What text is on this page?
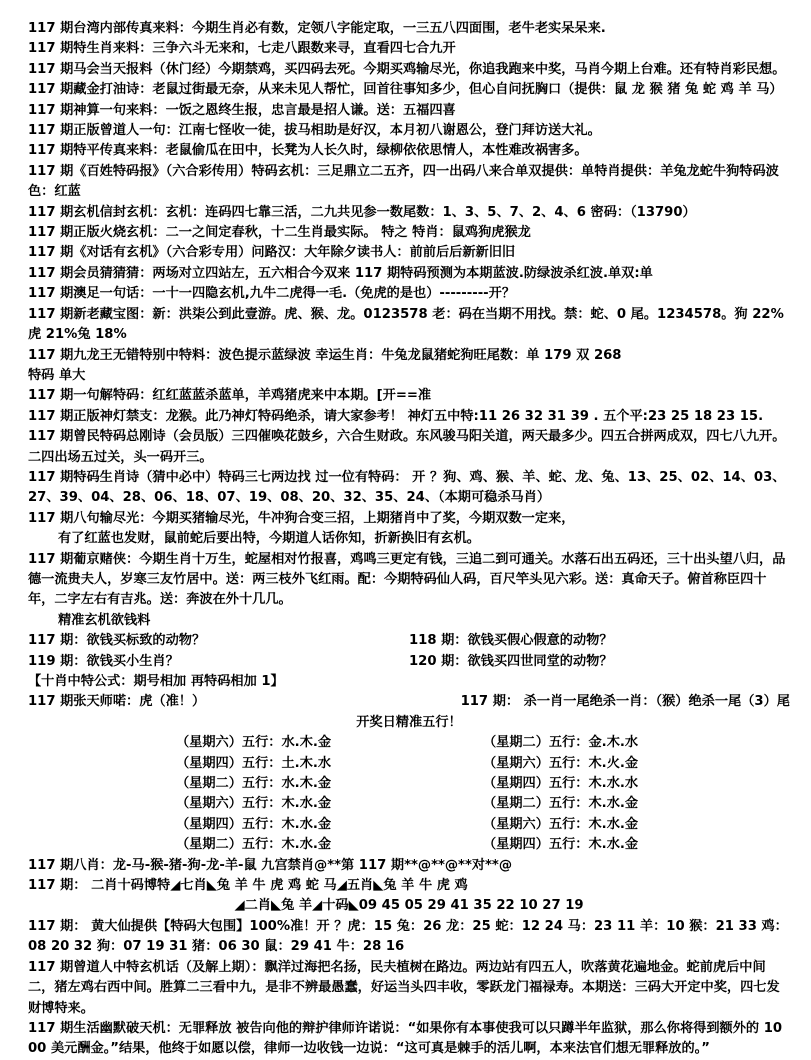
117 期台湾内部传真来料：今期生肖必有数，定领八字能定取，一三五八四面围，老牛老实呆呆来.

117 期特生肖来料：三争六斗无来和，七走八跟数来寻，直看四七合九开

117 期马会当天报料（休门经）今期禁鸡，买四码去死。今期买鸡输尽光，你追我跑来中奖，马肖今期上台难。还有特肖彩民想。

117 期藏金打油诗：老鼠过街最无奈，从来未见人帮忙，回首往事知多少，但心自问抚胸口（提供：鼠 龙 猴 猪 兔 蛇 鸡 羊 马）

117 期神算一句来料：一饭之恩终生报，忠言最是招人谦。送：五福四喜

117 期正版曾道人一句：江南七怪收一徒，拔马相助是好汉，本月初八谢恩公，登门拜访送大礼。

117 期特平传真来料：老鼠偷瓜在田中，长凳为人长久时，绿柳依依思情人，本性难改祸害多。

117 期《百姓特码报》（六合彩传用）特码玄机：三足鼎立二五齐，四一出码八来合单双提供：单特肖提供：羊兔龙蛇牛狗特码波色：红蓝

117 期玄机信封玄机：玄机：连码四七靠三活，二九共见参一数尾数：1、3、5、7、2、4、6 密码：（13790）

117 期正版火烧玄机：二一之间定春秋，十二生肖最实际。 特之 特肖：鼠鸡狗虎猴龙

117 期《对话有玄机》（六合彩专用）问路汉：大年除夕读书人：前前后后新新旧旧

117 期会员猜猜猜：两场对立四站左，五六相合今双来 117 期特码预测为本期蓝波.防绿波杀红波.单双:单

117 期澳足一句话：一十一四隐玄机,九牛二虎得一毛.（免虎的是也）---------开？

117 期新老藏宝图：新：洪柒公到此壹游。虎、猴、龙。0123578 老：码在当期不用找。禁：蛇、0 尾。1234578。狗 22%虎 21%兔 18%

117 期九龙王无错特别中特料：波色提示蓝绿波 幸运生肖：牛兔龙鼠猪蛇狗旺尾数：单 179 双 268

特码 单大

117 期一句解特码：红红蓝蓝杀蓝单，羊鸡猪虎来中本期。[开==准

117 期正版神灯禁支：龙猴。此乃神灯特码绝杀，请大家参考！ 神灯五中特:11 26 32 31 39 . 五个平:23 25 18 23 15.

117 期曾民特码总刚诗（会员版）三四催唤花鼓乡，六合生财政。东风骏马阳关道，两天最多少。四五合拼两成双，四七八九开。二四出场五过关，头一码开三。

117 期特码生肖诗（猜中必中）特码三七两边找 过一位有特码： 开 ？狗、鸡、猴、羊、蛇、龙、兔、13、25、02、14、03、27、39、04、28、06、18、07、19、08、20、32、35、24、（本期可稳杀马肖）

117 期八句输尽光：今期买猪输尽光，牛冲狗合变三招，上期猪肖中了奖，今期双数一定来，

有了红蓝也发财，鼠前蛇后要出特，今期道人话你知，折新换旧有玄机。

117 期葡京赌侠：今期生肖十万生，蛇屋相对竹报喜，鸡鸣三更定有钱，三追二到可通关。水落石出五码还，三十出头望八归，品德一流贵夫人，岁寒三友竹居中。送：两三枝外飞红雨。配：今期特码仙人码，百尺竿头见六彩。送：真命天子。俯首称臣四十年，二字左右有吉兆。送：奔波在外十几几。

精准玄机欲钱料

117 期：欲钱买标致的动物？	118 期：欲钱买假心假意的动物？
119 期：欲钱买小生肖？	120 期：欲钱买四世同堂的动物？

【十肖中特公式：期号相加 再特码相加 1】

117 期张天师喏：虎（准！）	117 期： 杀一肖一尾绝杀一肖：（猴）绝杀一尾（3）尾

开奖日精准五行！

（星期六）五行：水.木.金	（星期二）五行：金.木.水
（星期四）五行：土.木.水	（星期六）五行：木.火.金
（星期二）五行：水.木.金	（星期四）五行：木.水.水
（星期六）五行：木.水.金	（星期二）五行：木.水.金
（星期四）五行：木.水.金	（星期六）五行：木.水.金
（星期二）五行：木.水.金	（星期四）五行：木.水.金

117 期八肖：龙-马-猴-猪-狗-龙-羊-鼠 九宫禁肖@**第 117 期**@**@**对**@

117 期： 二肖十码博特◢七肖◣兔 羊 牛 虎 鸡 蛇 马◢五肖◣兔 羊 牛 虎 鸡

◢二肖◣兔 羊◢十码◣09 45 05 29 41 35 22 10 27 19

117 期： 黄大仙提供【特码大包围】100%准！开 ？虎：15 兔：26 龙：25 蛇：12 24 马：23 11 羊：10 猴：21 33 鸡：08 20 32 狗：07 19 31 猪：06 30 鼠：29 41 牛：28 16

117 期曾道人中特玄机话（及解上期）：飘洋过海把名扬，民夫植树在路边。两边站有四五人，吹落黄花遍地金。蛇前虎后中间二，猪左鸡右西中间。胜算二三看中九，是非不辨最愚蠢，好运当头四丰收，零跃龙门福禄寿。本期送：三码大开定中奖，四七发财博特来。

117 期生活幽默破天机：无罪释放 被告向他的辩护律师许诺说：“如果你有本事使我可以只蹲半年监狱，那么你将得到额外的 1000 美元酬金。”结果，他终于如愿以偿，律师一边收钱一边说：“这可真是棘手的活儿啊，本来法官们想无罪释放的。”
